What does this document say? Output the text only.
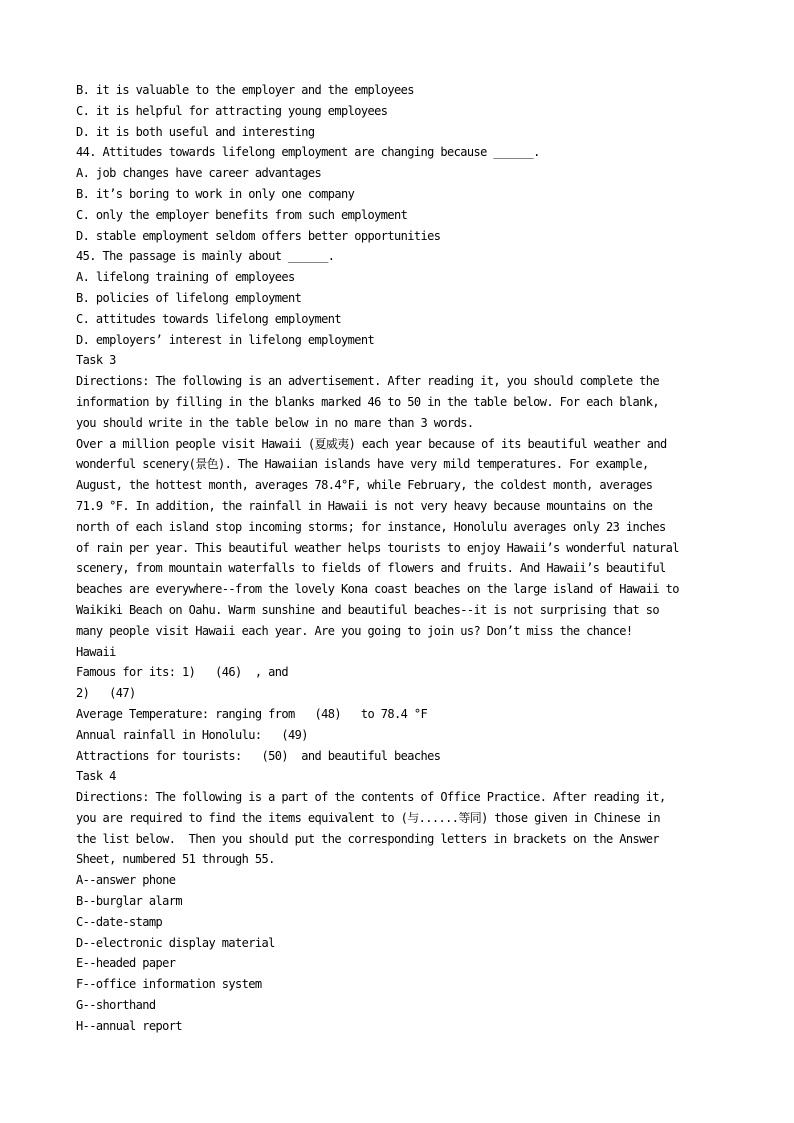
B. it is valuable to the employer and the employees
C. it is helpful for attracting young employees
D. it is both useful and interesting
44. Attitudes towards lifelong employment are changing because ______.
A. job changes have career advantages
B. it’s boring to work in only one company
C. only the employer benefits from such employment
D. stable employment seldom offers better opportunities
45. The passage is mainly about ______.
A. lifelong training of employees
B. policies of lifelong employment
C. attitudes towards lifelong employment
D. employers’ interest in lifelong employment
Task 3
Directions: The following is an advertisement. After reading it, you should complete the
information by filling in the blanks marked 46 to 50 in the table below. For each blank,
you should write in the table below in no mare than 3 words.
Over a million people visit Hawaii (夏威夷) each year because of its beautiful weather and
wonderful scenery(景色). The Hawaiian islands have very mild temperatures. For example,
August, the hottest month, averages 78.4°F, while February, the coldest month, averages
71.9 °F. In addition, the rainfall in Hawaii is not very heavy because mountains on the
north of each island stop incoming storms; for instance, Honolulu averages only 23 inches
of rain per year. This beautiful weather helps tourists to enjoy Hawaii’s wonderful natural
scenery, from mountain waterfalls to fields of flowers and fruits. And Hawaii’s beautiful
beaches are everywhere--from the lovely Kona coast beaches on the large island of Hawaii to
Waikiki Beach on Oahu. Warm sunshine and beautiful beaches--it is not surprising that so
many people visit Hawaii each year. Are you going to join us? Don’t miss the chance!
Hawaii
Famous for its: 1)   (46)  , and
2)   (47)
Average Temperature: ranging from   (48)   to 78.4 °F
Annual rainfall in Honolulu:   (49)
Attractions for tourists:   (50)  and beautiful beaches
Task 4
Directions: The following is a part of the contents of Office Practice. After reading it,
you are required to find the items equivalent to (与......等同) those given in Chinese in
the list below.  Then you should put the corresponding letters in brackets on the Answer
Sheet, numbered 51 through 55.
A--answer phone
B--burglar alarm
C--date-stamp
D--electronic display material
E--headed paper
F--office information system
G--shorthand
H--annual report
